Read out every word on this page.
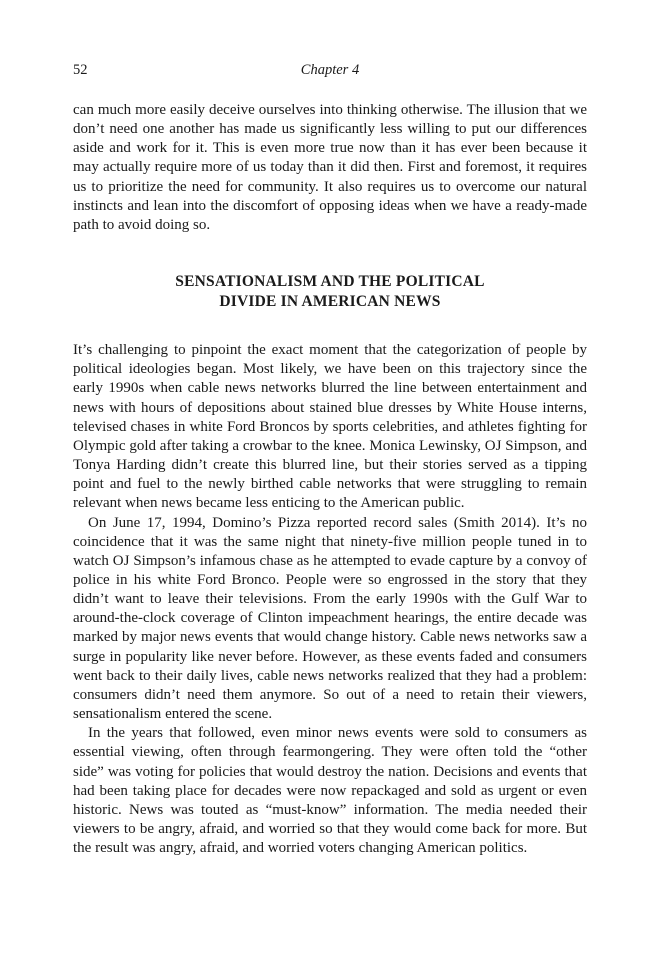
52	Chapter 4

can much more easily deceive ourselves into thinking otherwise. The illusion that we don’t need one another has made us significantly less willing to put our differences aside and work for it. This is even more true now than it has ever been because it may actually require more of us today than it did then. First and foremost, it requires us to prioritize the need for community. It also requires us to overcome our natural instincts and lean into the discomfort of opposing ideas when we have a ready-made path to avoid doing so.

SENSATIONALISM AND THE POLITICAL
DIVIDE IN AMERICAN NEWS

It’s challenging to pinpoint the exact moment that the categorization of people by political ideologies began. Most likely, we have been on this trajectory since the early 1990s when cable news networks blurred the line between entertainment and news with hours of depositions about stained blue dresses by White House interns, televised chases in white Ford Broncos by sports celebrities, and athletes fighting for Olympic gold after taking a crowbar to the knee. Monica Lewinsky, OJ Simpson, and Tonya Harding didn’t create this blurred line, but their stories served as a tipping point and fuel to the newly birthed cable networks that were struggling to remain relevant when news became less enticing to the American public.

On June 17, 1994, Domino’s Pizza reported record sales (Smith 2014). It’s no coincidence that it was the same night that ninety-five million people tuned in to watch OJ Simpson’s infamous chase as he attempted to evade capture by a convoy of police in his white Ford Bronco. People were so engrossed in the story that they didn’t want to leave their televisions. From the early 1990s with the Gulf War to around-the-clock coverage of Clinton impeachment hearings, the entire decade was marked by major news events that would change history. Cable news networks saw a surge in popularity like never before. However, as these events faded and consumers went back to their daily lives, cable news networks realized that they had a problem: consumers didn’t need them anymore. So out of a need to retain their viewers, sensationalism entered the scene.

In the years that followed, even minor news events were sold to consumers as essential viewing, often through fearmongering. They were often told the “other side” was voting for policies that would destroy the nation. Decisions and events that had been taking place for decades were now repackaged and sold as urgent or even historic. News was touted as “must-know” information. The media needed their viewers to be angry, afraid, and worried so that they would come back for more. But the result was angry, afraid, and worried voters changing American politics.
